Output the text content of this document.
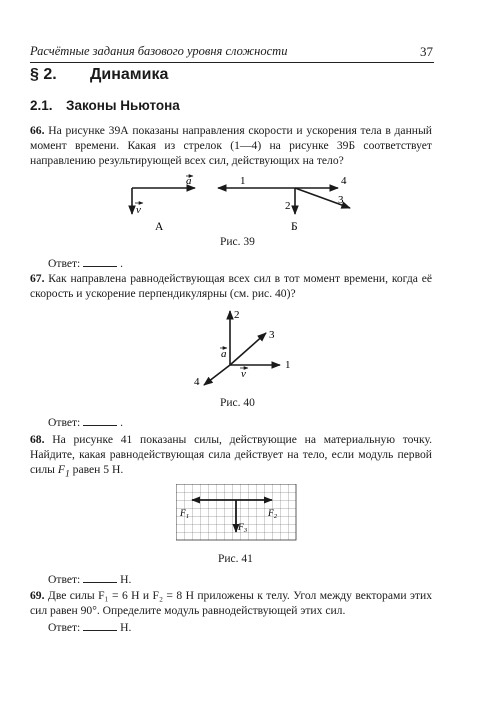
Расчётные задания базового уровня сложности	37
§ 2. Динамика
2.1. Законы Ньютона
66. На рисунке 39А показаны направления скорости и ускорения тела в данный момент времени. Какая из стрелок (1—4) на рисунке 39Б соответствует направлению результирующей всех сил, действующих на тело?
a
v
А
1
2	3
4
Б
Рис. 39
Ответ:	.
67. Как направлена равнодействующая всех сил в тот момент времени, когда её скорость и ускорение перпендикулярны (см. рис. 40)?
2
1
3
4
a
v
Рис. 40
Ответ:	.
68. На рисунке 41 показаны силы, действующие на материальную точку. Найдите, какая равнодействующая сила действует на тело, если модуль первой силы $F_1$ равен 5 Н.
$F_1$	$F_2$
$F_3$
Рис. 41
Ответ:	Н.
69. Две силы F₁ = 6 Н и F₂ = 8 Н приложены к телу. Угол между векторами этих сил равен 90°. Определите модуль равнодействующей этих сил.
Ответ:	Н.
